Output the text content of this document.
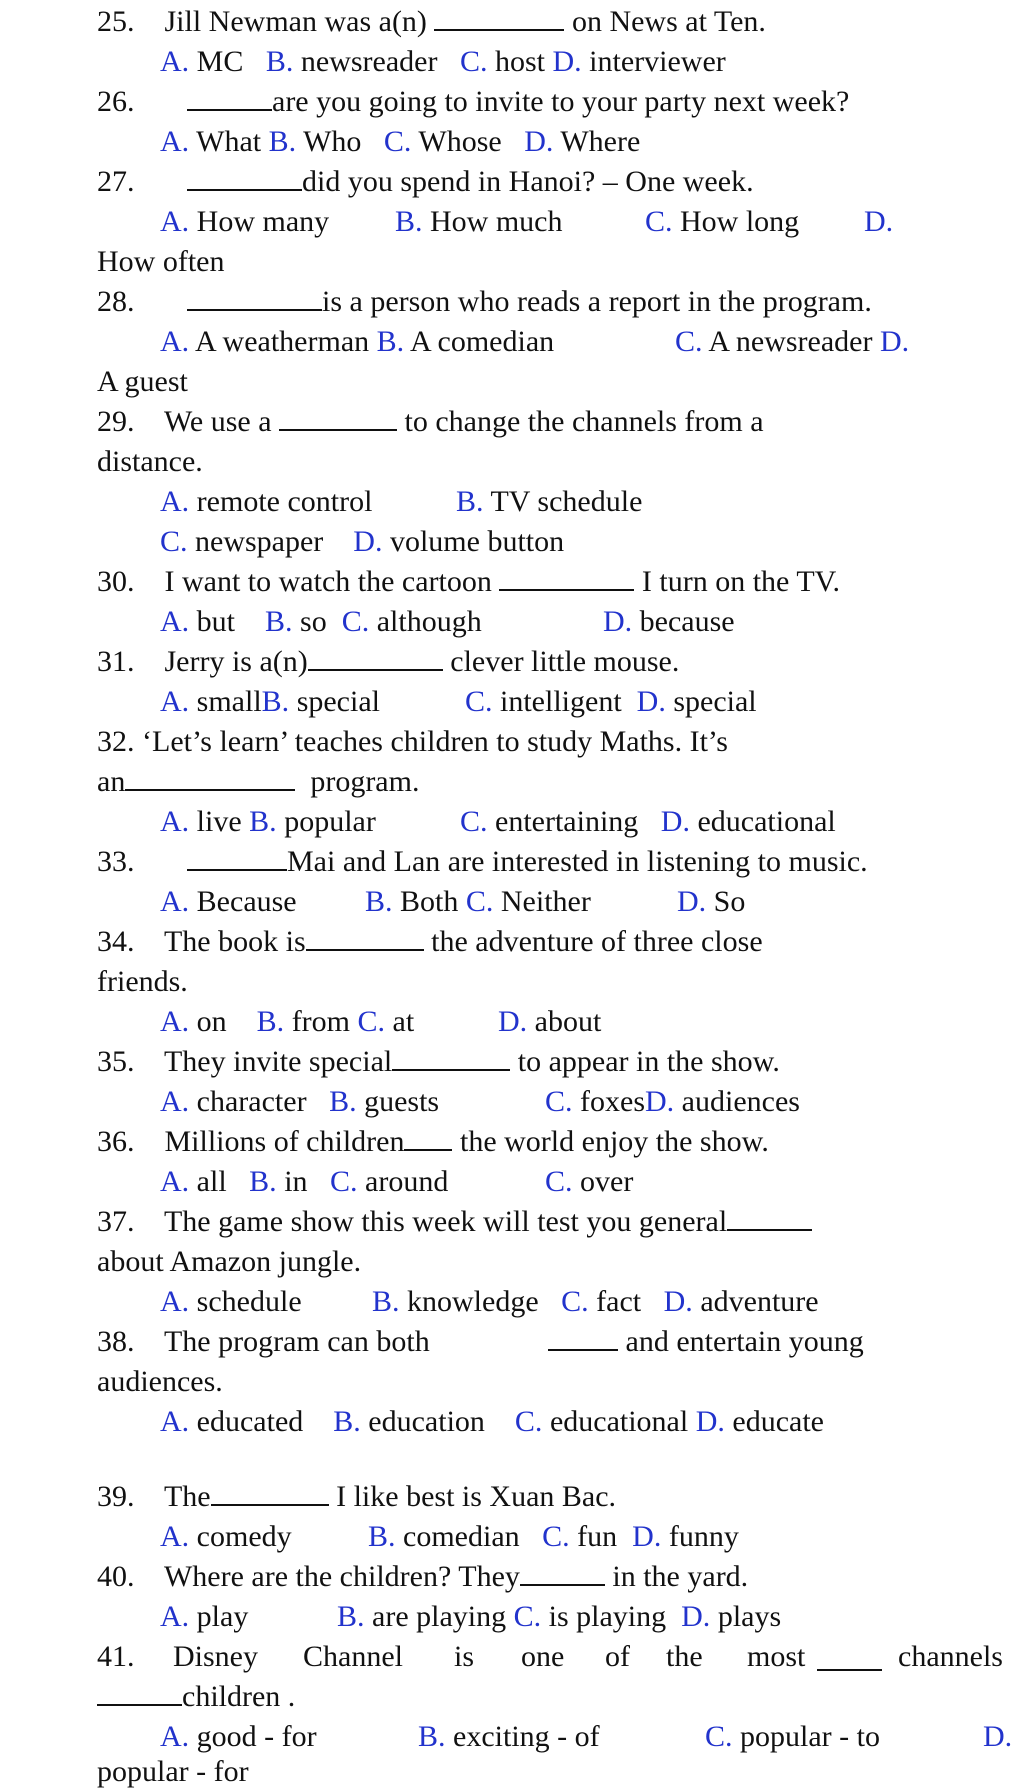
25. Jill Newman was a(n)	on News at Ten.
A. MC B. newsreader C. host D. interviewer
26.	are you going to invite to your party next week?
A. What B. Who C. Whose D. Where
27.	did you spend in Hanoi? – One week.
A. How many B. How much	C. How long D.
How often
28.	is a person who reads a report in the program.
A. A weatherman B. A comedian	C. A newsreader D.
A guest
29. We use a	to change the channels from a
distance.
A. remote control	B. TV schedule
C. newspaper D. volume button
30. I want to watch the cartoon	I turn on the TV.
A. but B. so C. although	D. because
31. Jerry is a(n)	clever little mouse.
A. smallB. special	C. intelligent D. special
32. ‘Let’s learn’ teaches children to study Maths. It’s
an	program.
A. live B. popular	C. entertaining D. educational
33.	Mai and Lan are interested in listening to music.
A. Because B. Both C. Neither	D. So
34. The book is	the adventure of three close
friends.
A. on B. from C. at	D. about
35. They invite special	to appear in the show.
A. character B. guests	C. foxesD. audiences
36. Millions of children the world enjoy the show.
A. all B. in C. around	C. over
37. The game show this week will test you general
about Amazon jungle.
A. schedule B. knowledge C. fact D. adventure
38. The program can both	and entertain young
audiences.
A. educated B. education C. educational D. educate
39. The	I like best is Xuan Bac.
A. comedy	B. comedian C. fun D. funny
40. Where are the children? They	in the yard.
A. play	B. are playing C. is playing D. plays
41. Disney Channel is one of the most	channels
children .
A. good - for	B. exciting - of	C. popular - to	D.
popular - for
